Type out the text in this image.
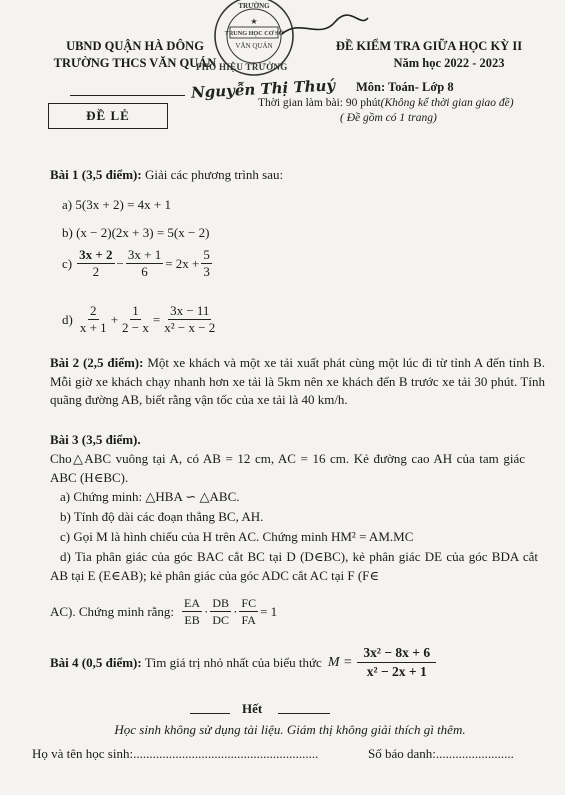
UBND QUẬN HÀ DÔNG
TRƯỜNG THCS VĂN QUÁN
ĐỀ LẺ
ĐỀ KIỂM TRA GIỮA HỌC KỲ II
Năm học 2022 - 2023
Môn: Toán- Lớp 8
Thời gian làm bài: 90 phút(Không kể thời gian giao đề)
( Đề gồm có 1 trang)
TRƯỜNG
TRUNG HỌC CƠ SỞ
VĂN QUÁN
★
PHÓ HIỆU TRƯỞNG
Nguyễn Thị Thuý
Bài 1 (3,5 điểm): Giải các phương trình sau:
a) 5(3x + 2) = 4x + 1
b) (x − 2)(2x + 3) = 5(x − 2)
$c) \frac{3x + 2}{2} - \frac{3x + 1}{6} = 2x + \frac{5}{3}$
$d) \frac{2}{x + 1} + \frac{1}{2 - x} = \frac{3x - 11}{\text{x² − x − 2}}$
Bài 2 (2,5 điểm): Một xe khách và một xe tải xuất phát cùng một lúc đi từ tỉnh A đến tỉnh B. Mỗi giờ xe khách chạy nhanh hơn xe tải là 5km nên xe khách đến B trước xe tải 30 phút. Tính quãng đường AB, biết rằng vận tốc của xe tải là 40 km/h.
Bài 3 (3,5 điểm).
Cho△ABC vuông tại A, có AB = 12 cm, AC = 16 cm. Kẻ đường cao AH của tam giác ABC (H∈BC).
a) Chứng minh: △HBA ∽ △ABC.
b) Tính độ dài các đoạn thẳng BC, AH.
c) Gọi M là hình chiếu của H trên AC. Chứng minh HM² = AM.MC
d) Tia phân giác của góc BAC cắt BC tại D (D∈BC), kẻ phân giác DE của góc BDA cắt AB tại E (E∈AB); kẻ phân giác của góc ADC cắt AC tại F (F∈
AC). Chứng minh rằng: $\frac{EA}{EB} \cdot \frac{DB}{DC} \cdot \frac{FC}{FA} = 1$
Bài 4 (0,5 điểm): Tìm giá trị nhỏ nhất của biểu thức $M = \frac{\text{3x² − 8x + 6}}{\text{x² − 2x + 1}}$
Hết
Học sinh không sử dụng tài liệu. Giám thị không giải thích gì thêm.
Họ và tên học sinh:.........................................................	Số báo danh:........................
